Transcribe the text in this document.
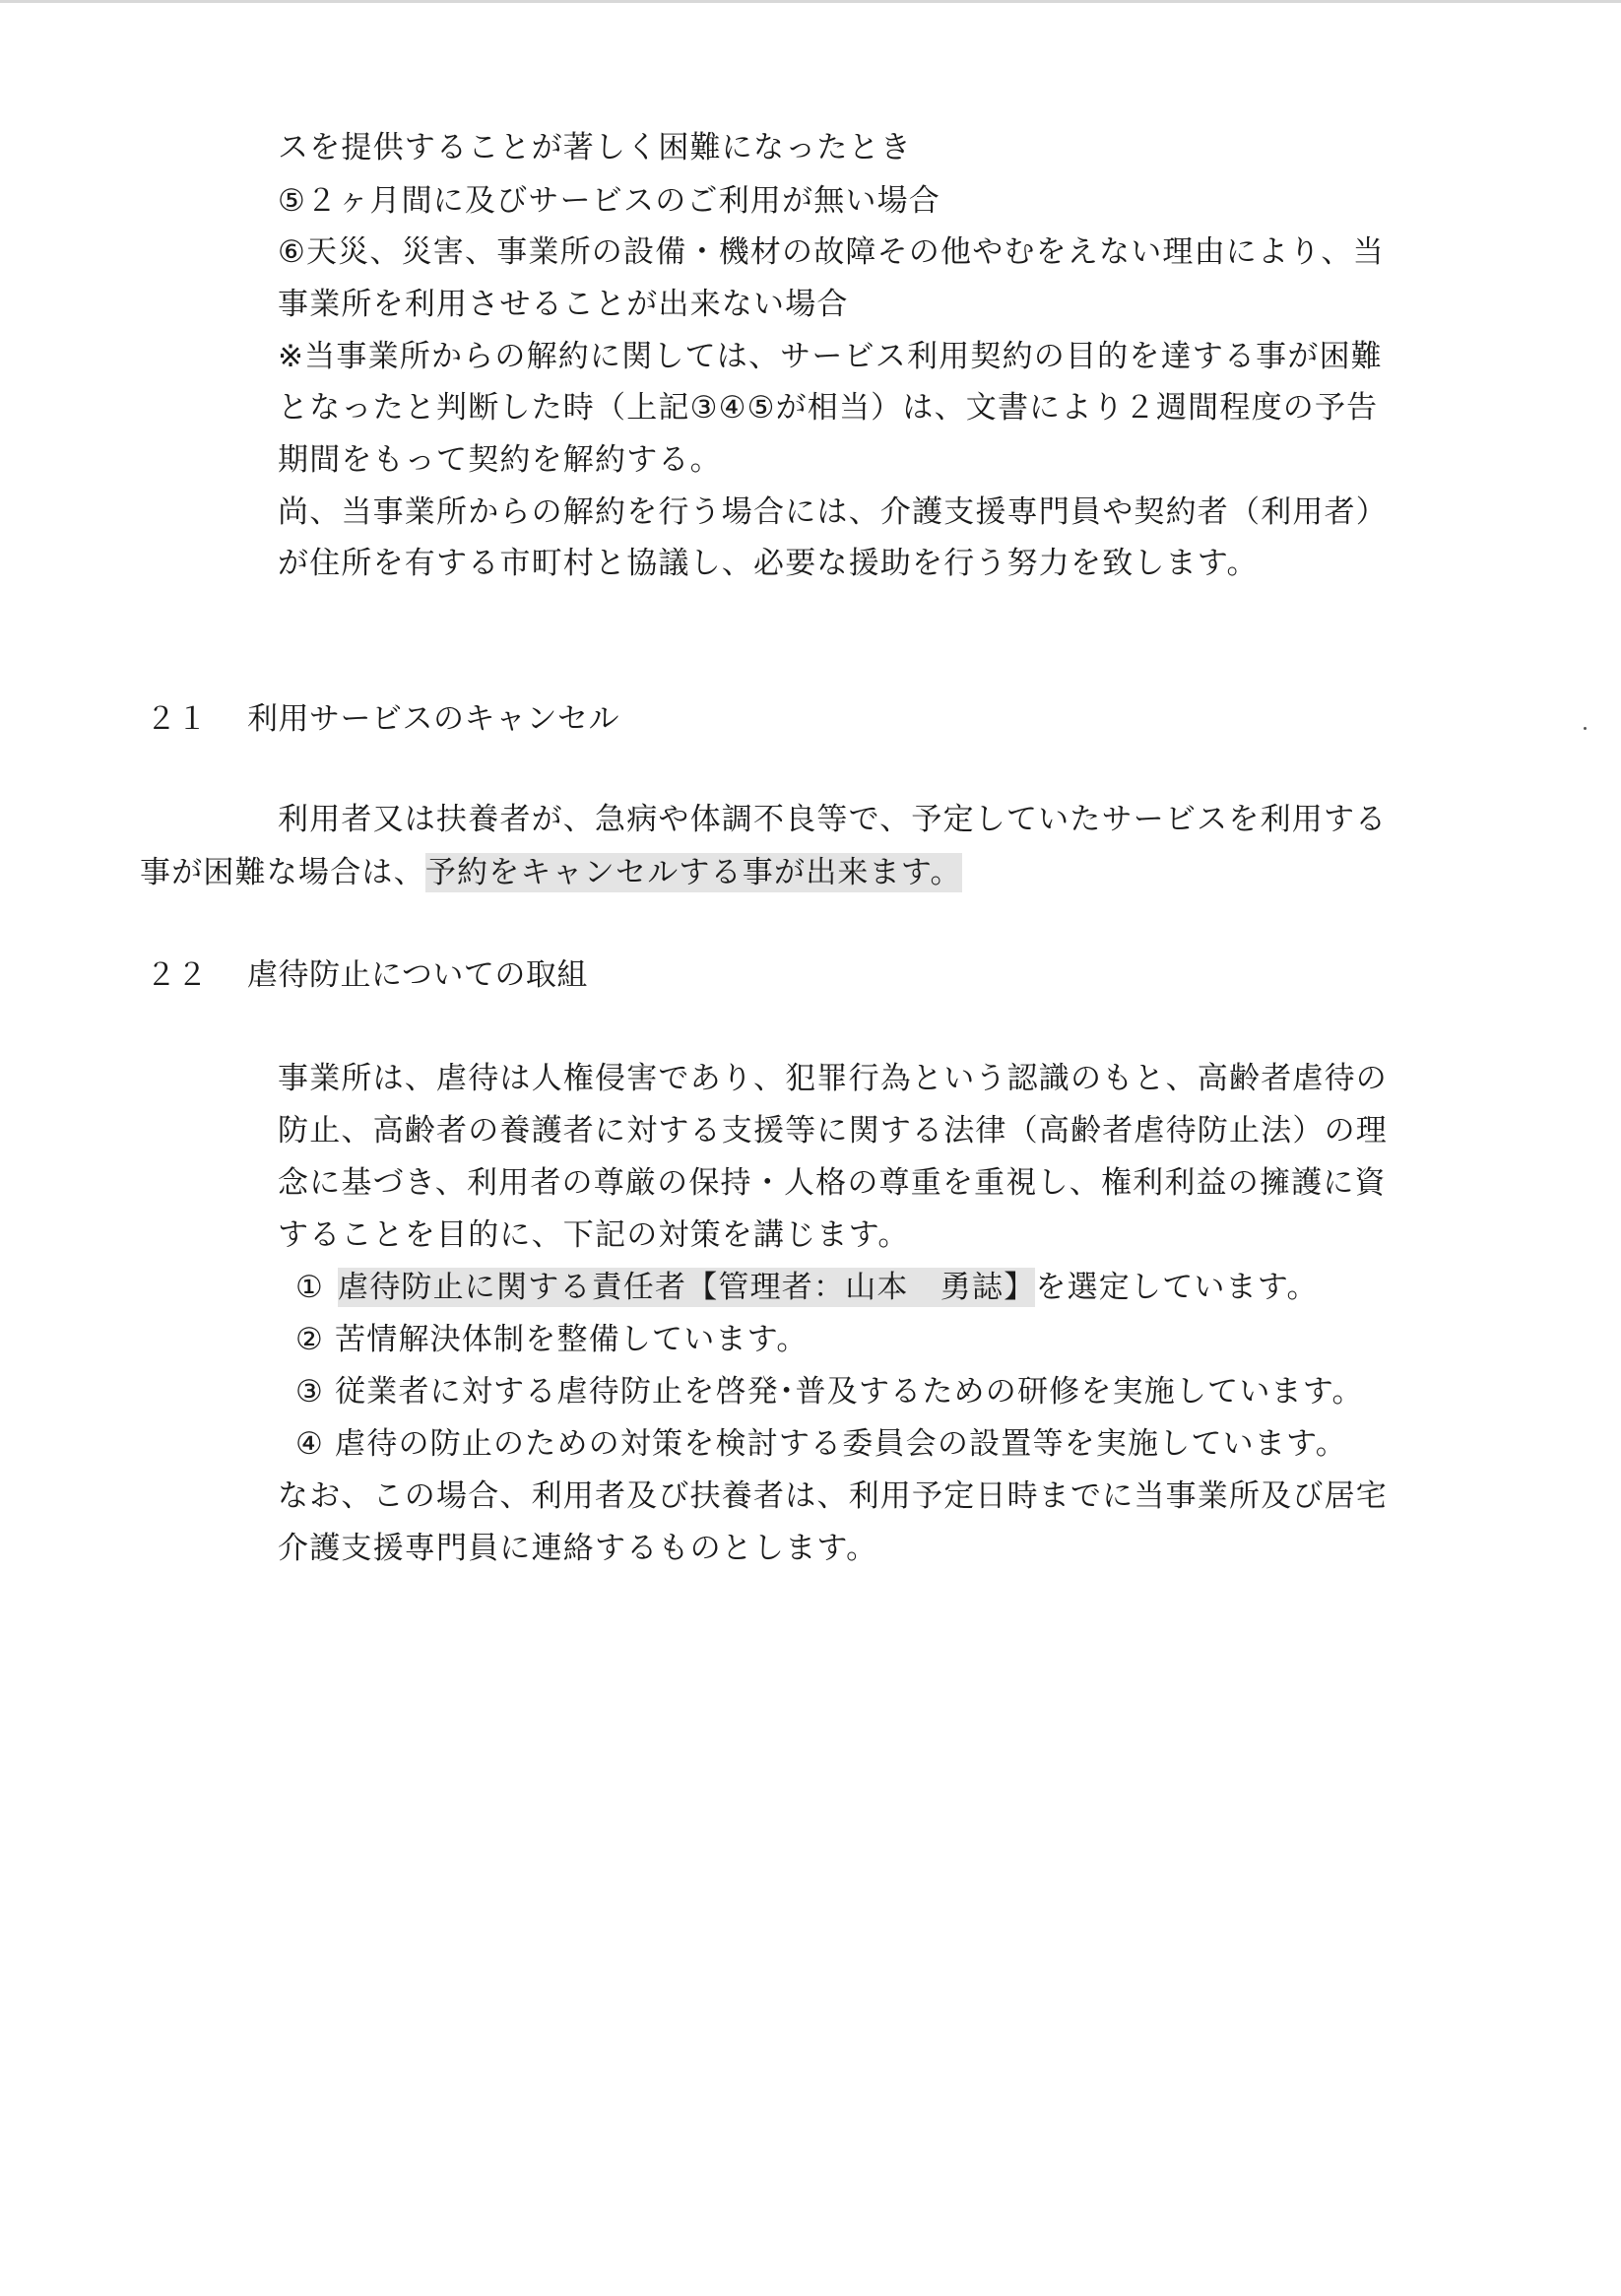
スを提供することが著しく困難になったとき
⑤２ヶ月間に及びサービスのご利用が無い場合
⑥天災、災害、事業所の設備・機材の故障その他やむをえない理由により、当
事業所を利用させることが出来ない場合
※当事業所からの解約に関しては、サービス利用契約の目的を達する事が困難
となったと判断した時（上記③④⑤が相当）は、文書により２週間程度の予告
期間をもって契約を解約する。
尚、当事業所からの解約を行う場合には、介護支援専門員や契約者（利用者）
が住所を有する市町村と協議し、必要な援助を行う努力を致します。
２１ 利用サービスのキャンセル
利用者又は扶養者が、急病や体調不良等で、予定していたサービスを利用する
事が困難な場合は、予約をキャンセルする事が出来ます。
２２ 虐待防止についての取組
事業所は、虐待は人権侵害であり、犯罪行為という認識のもと、高齢者虐待の
防止、高齢者の養護者に対する支援等に関する法律（高齢者虐待防止法）の理
念に基づき、利用者の尊厳の保持・人格の尊重を重視し、権利利益の擁護に資
することを目的に、下記の対策を講じます。
① 虐待防止に関する責任者【管理者：山本　勇誌】を選定しています。
② 苦情解決体制を整備しています。
③ 従業者に対する虐待防止を啓発･普及するための研修を実施しています。
④ 虐待の防止のための対策を検討する委員会の設置等を実施しています。
なお、この場合、利用者及び扶養者は、利用予定日時までに当事業所及び居宅
介護支援専門員に連絡するものとします。
